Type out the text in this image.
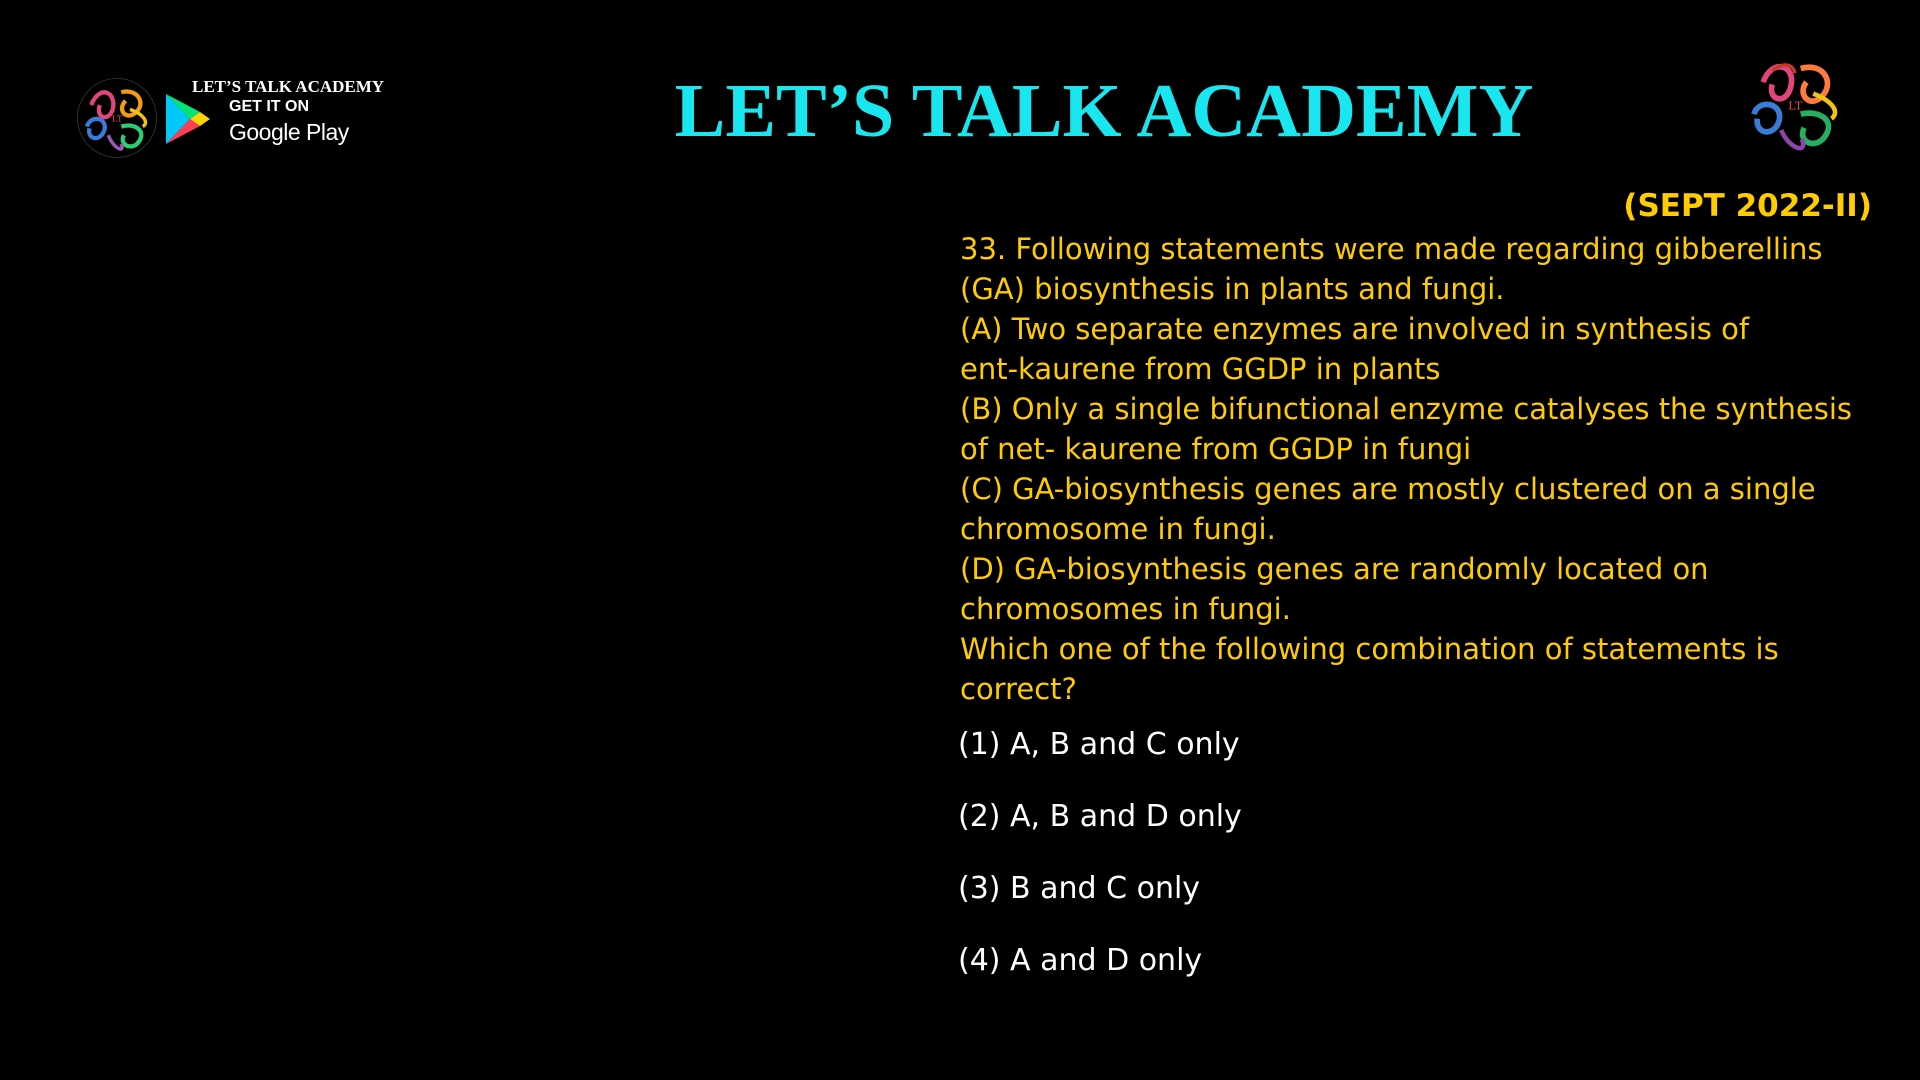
LT
LET’S TALK ACADEMY
GET IT ON
Google Play	LET’S TALK ACADEMY	LT
(SEPT 2022-II)
33. Following statements were made regarding gibberellins
(GA) biosynthesis in plants and fungi.
(A) Two separate enzymes are involved in synthesis of
ent-kaurene from GGDP in plants
(B) Only a single bifunctional enzyme catalyses the synthesis
of net- kaurene from GGDP in fungi
(C) GA-biosynthesis genes are mostly clustered on a single
chromosome in fungi.
(D) GA-biosynthesis genes are randomly located on
chromosomes in fungi.
Which one of the following combination of statements is
correct?
(1) A, B and C only
(2) A, B and D only
(3) B and C only
(4) A and D only
